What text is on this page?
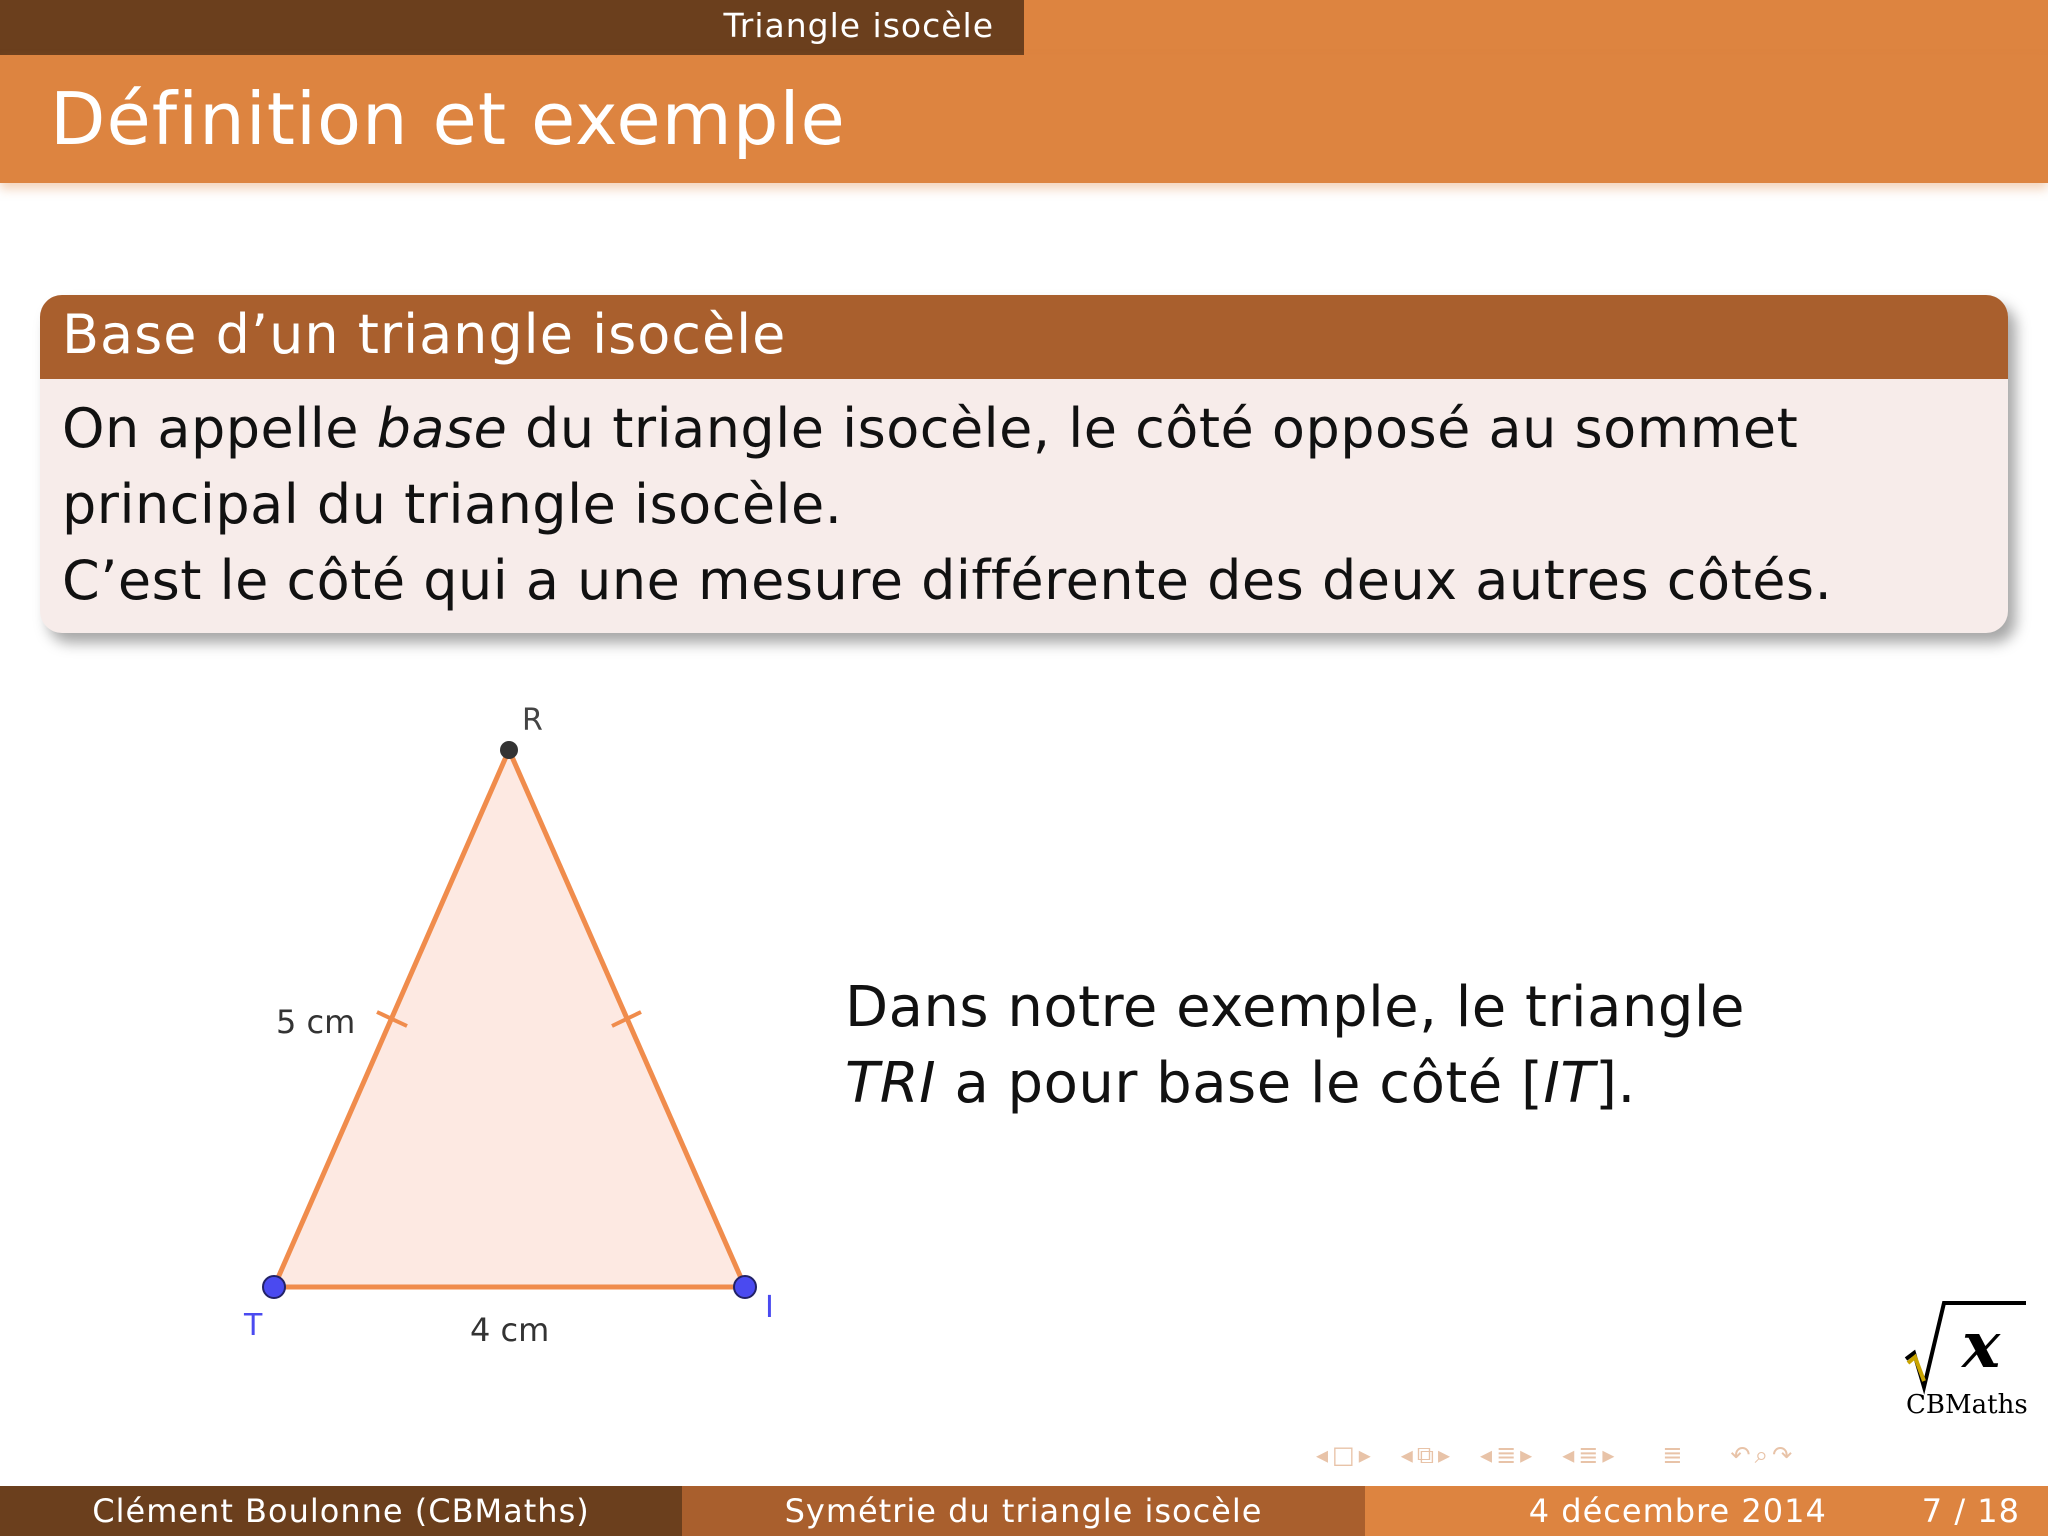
Triangle isocèle
Définition et exemple
Base d’un triangle isocèle

On appelle base du triangle isocèle, le côté opposé au sommet principal du triangle isocèle.

C’est le côté qui a une mesure différente des deux autres côtés.

R
T
I
5 cm
4 cm
Dans notre exemple, le triangle TRI a pour base le côté [IT].
x
CBMaths
◂ □ ▸ ◂ ⧉ ▸ ◂ ≣ ▸ ◂ ≣ ▸ ≣ ↶ ⌕ ↷
Clément Boulonne (CBMaths)	Symétrie du triangle isocèle	4 décembre 2014	7 / 18
